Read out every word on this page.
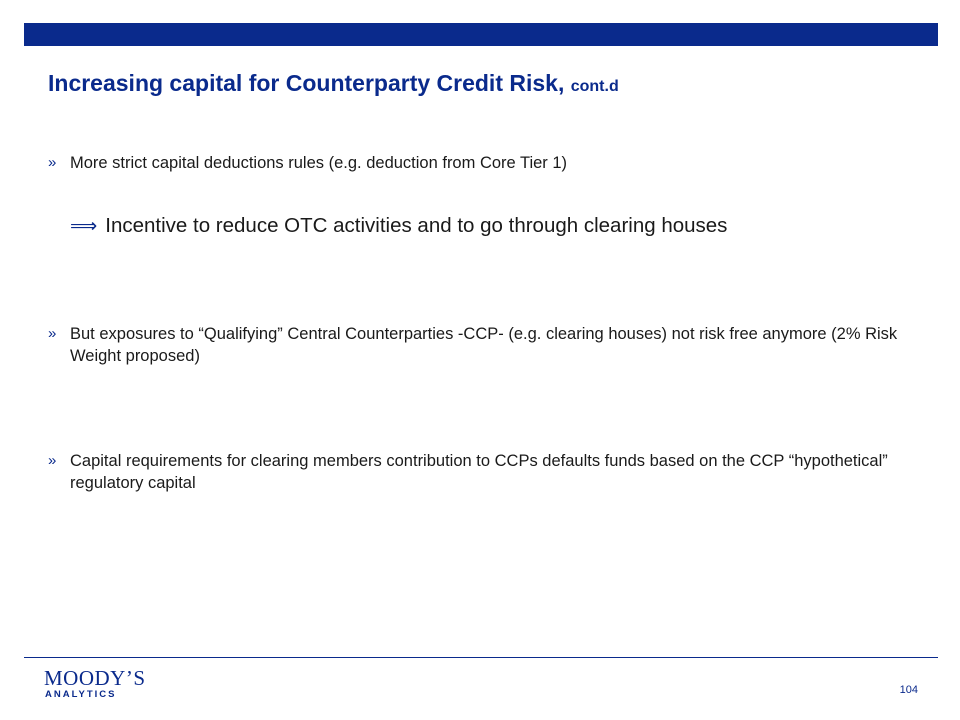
Increasing capital for Counterparty Credit Risk, cont.d
» More strict capital deductions rules (e.g. deduction from Core Tier 1)
⟹ Incentive to reduce OTC activities and to go through clearing houses
» But exposures to “Qualifying” Central Counterparties -CCP- (e.g. clearing houses) not risk free anymore (2% Risk Weight proposed)
» Capital requirements for clearing members contribution to CCPs defaults funds based on the CCP “hypothetical” regulatory capital
MOODY’S
ANALYTICS	104
